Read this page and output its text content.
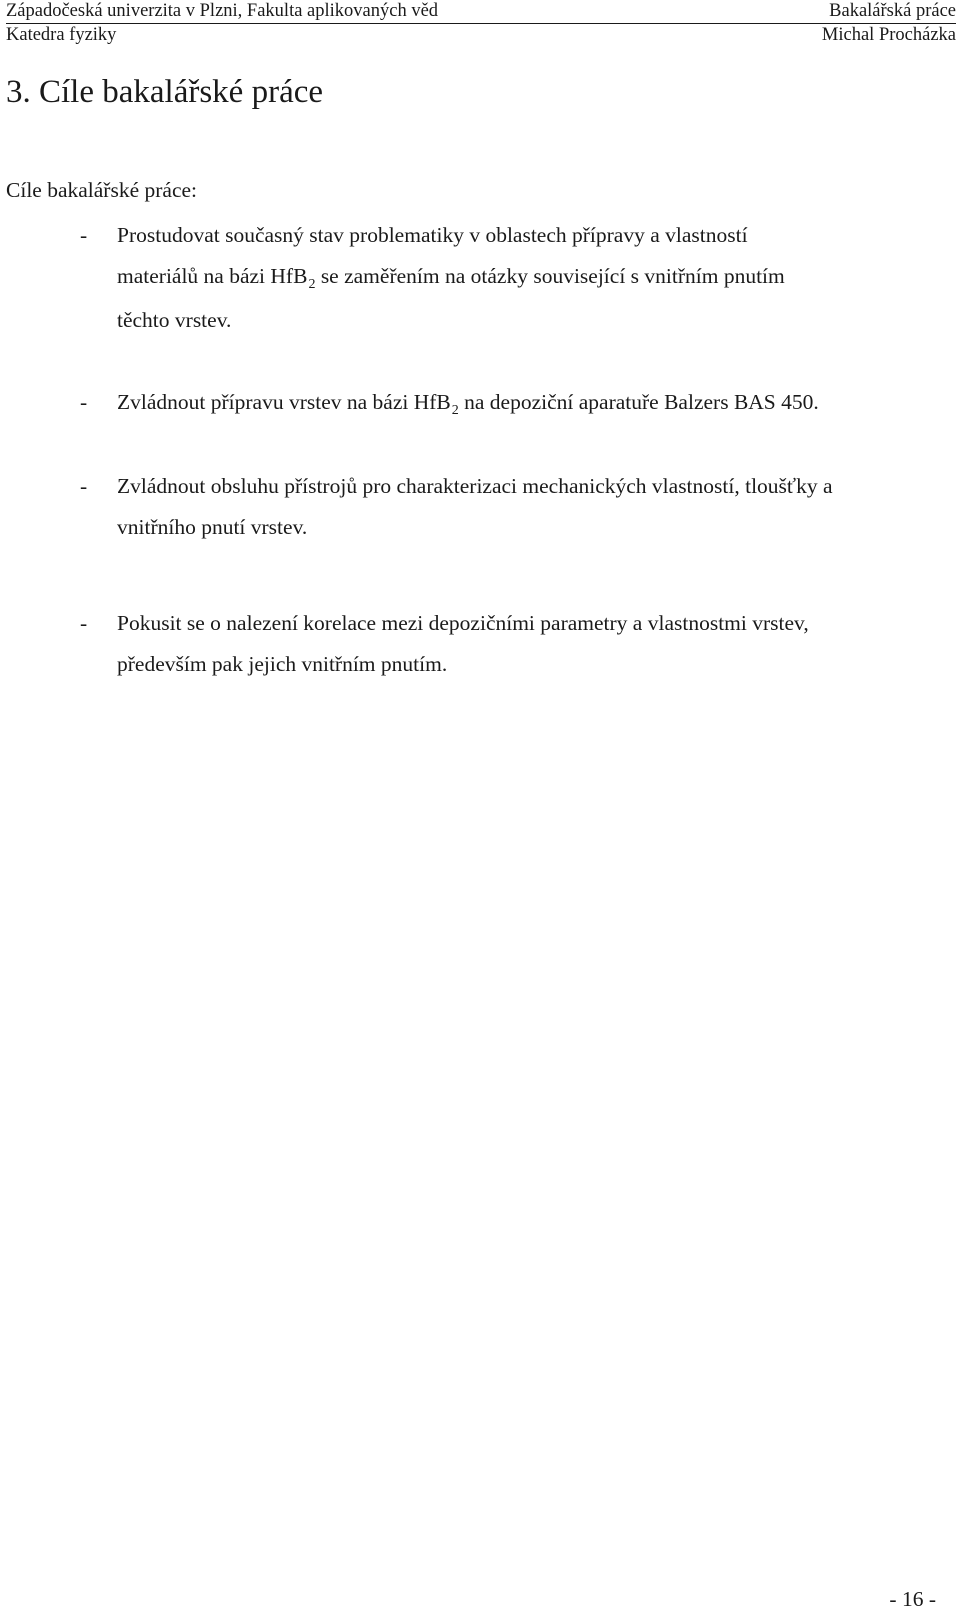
Západočeská univerzita v Plzni, Fakulta aplikovaných věd	Bakalářská práce
Katedra fyziky	Michal Procházka
3. Cíle bakalářské práce
Cíle bakalářské práce:
- Prostudovat současný stav problematiky v oblastech přípravy a vlastností
materiálů na bázi HfB$_2$ se zaměřením na otázky související s vnitřním pnutím
těchto vrstev.
- Zvládnout přípravu vrstev na bázi HfB$_2$ na depoziční aparatuře Balzers BAS 450.
- Zvládnout obsluhu přístrojů pro charakterizaci mechanických vlastností, tloušťky a
vnitřního pnutí vrstev.
- Pokusit se o nalezení korelace mezi depozičními parametry a vlastnostmi vrstev,
především pak jejich vnitřním pnutím.
- 16 -
